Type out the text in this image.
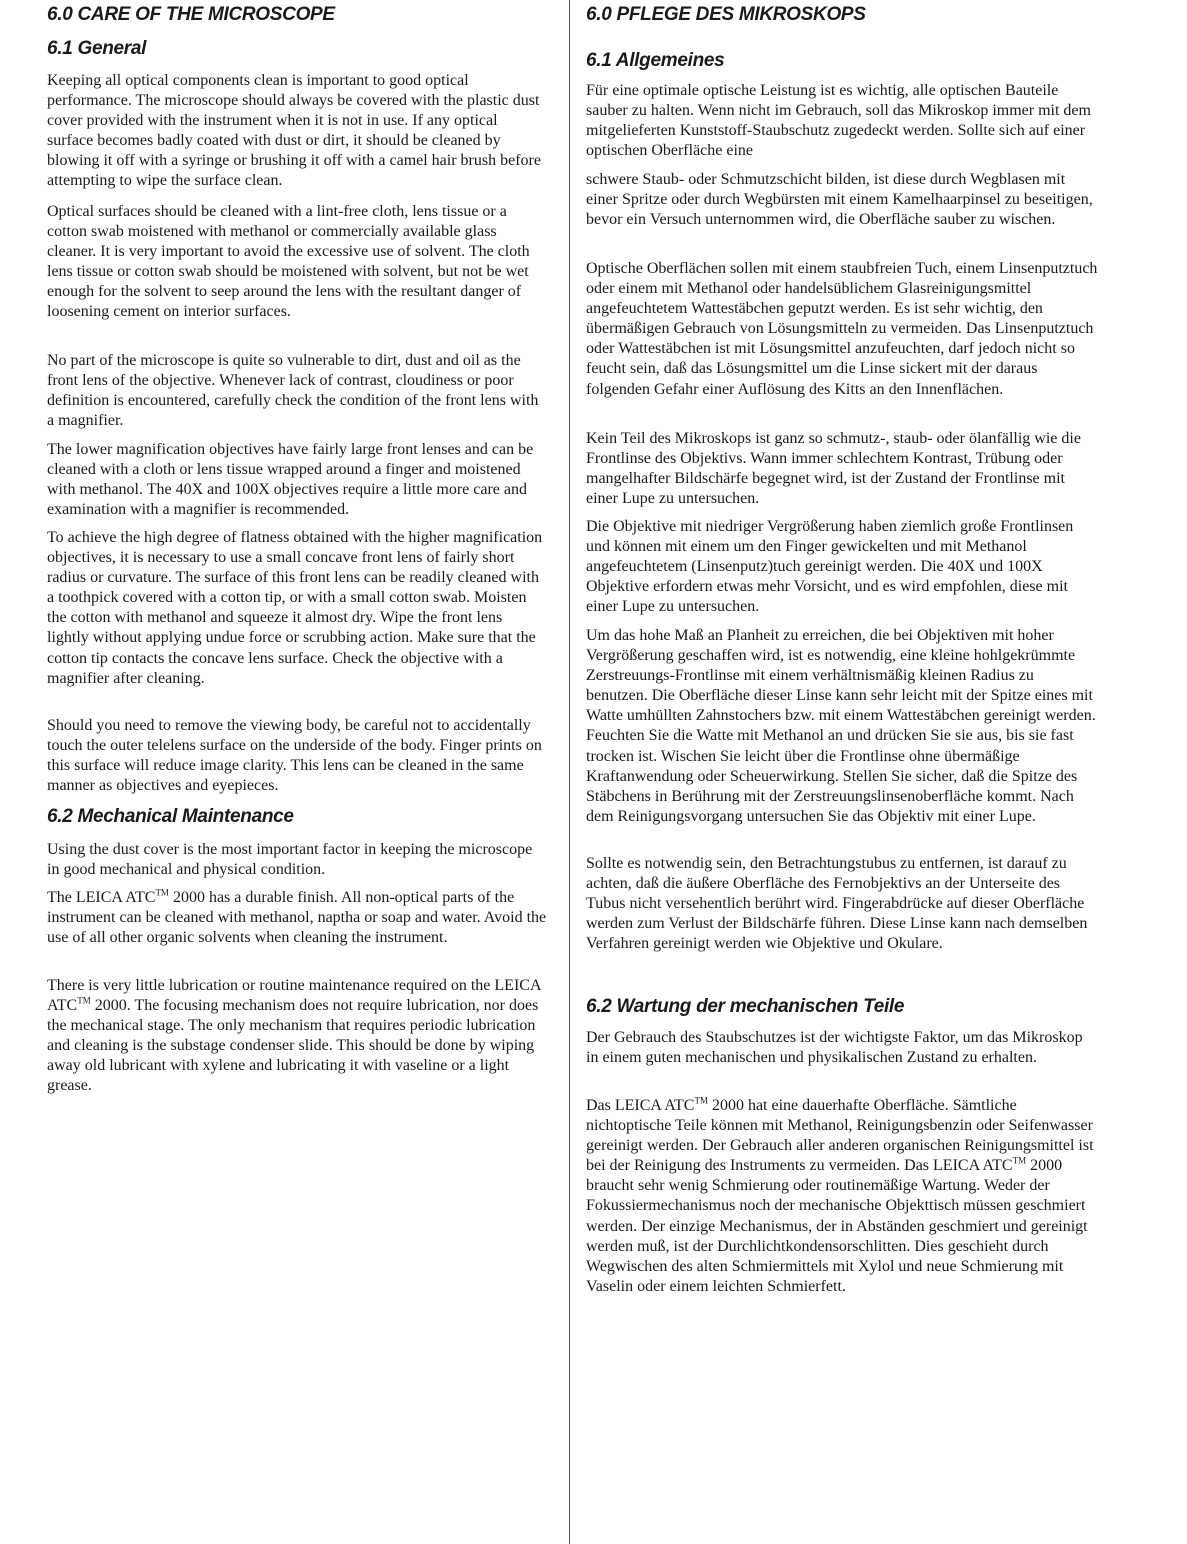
6.0 CARE OF THE MICROSCOPE
6.1 General

Keeping all optical components clean is important to good optical performance. The microscope should always be covered with the plastic dust cover provided with the instrument when it is not in use. If any optical surface becomes badly coated with dust or dirt, it should be cleaned by blowing it off with a syringe or brushing it off with a camel hair brush before attempting to wipe the surface clean.

Optical surfaces should be cleaned with a lint-free cloth, lens tissue or a cotton swab moistened with methanol or commercially available glass cleaner. It is very important to avoid the excessive use of solvent. The cloth lens tissue or cotton swab should be moistened with solvent, but not be wet enough for the solvent to seep around the lens with the resultant danger of loosening cement on interior surfaces.

No part of the microscope is quite so vulnerable to dirt, dust and oil as the front lens of the objective. Whenever lack of contrast, cloudiness or poor definition is encountered, carefully check the condition of the front lens with a magnifier.

The lower magnification objectives have fairly large front lenses and can be cleaned with a cloth or lens tissue wrapped around a finger and moistened with methanol. The 40X and 100X objectives require a little more care and examination with a magnifier is recommended.

To achieve the high degree of flatness obtained with the higher magnification objectives, it is necessary to use a small concave front lens of fairly short radius or curvature. The surface of this front lens can be readily cleaned with a toothpick covered with a cotton tip, or with a small cotton swab. Moisten the cotton with methanol and squeeze it almost dry. Wipe the front lens lightly without applying undue force or scrubbing action. Make sure that the cotton tip contacts the concave lens surface. Check the objective with a magnifier after cleaning.

Should you need to remove the viewing body, be careful not to accidentally touch the outer telelens surface on the underside of the body. Finger prints on this surface will reduce image clarity. This lens can be cleaned in the same manner as objectives and eyepieces.

6.2 Mechanical Maintenance

Using the dust cover is the most important factor in keeping the microscope in good mechanical and physical condition.

The LEICA ATC™ 2000 has a durable finish. All non-optical parts of the instrument can be cleaned with methanol, naptha or soap and water. Avoid the use of all other organic solvents when cleaning the instrument.

There is very little lubrication or routine maintenance required on the LEICA ATC™ 2000. The focusing mechanism does not require lubrication, nor does the mechanical stage. The only mechanism that requires periodic lubrication and cleaning is the substage condenser slide. This should be done by wiping away old lubricant with xylene and lubricating it with vaseline or a light grease.

6.0 PFLEGE DES MIKROSKOPS
6.1 Allgemeines

Für eine optimale optische Leistung ist es wichtig, alle optischen Bauteile sauber zu halten. Wenn nicht im Gebrauch, soll das Mikroskop immer mit dem mitgelieferten Kunststoff-Staubschutz zugedeckt werden. Sollte sich auf einer optischen Oberfläche eine

schwere Staub- oder Schmutzschicht bilden, ist diese durch Wegblasen mit einer Spritze oder durch Wegbürsten mit einem Kamelhaarpinsel zu beseitigen, bevor ein Versuch unternommen wird, die Oberfläche sauber zu wischen.

Optische Oberflächen sollen mit einem staubfreien Tuch, einem Linsenputztuch oder einem mit Methanol oder handelsüblichem Glasreinigungsmittel angefeuchtetem Wattestäbchen geputzt werden. Es ist sehr wichtig, den übermäßigen Gebrauch von Lösungsmitteln zu vermeiden. Das Linsenputztuch oder Wattestäbchen ist mit Lösungsmittel anzufeuchten, darf jedoch nicht so feucht sein, daß das Lösungsmittel um die Linse sickert mit der daraus folgenden Gefahr einer Auflösung des Kitts an den Innenflächen.

Kein Teil des Mikroskops ist ganz so schmutz-, staub- oder ölanfällig wie die Frontlinse des Objektivs. Wann immer schlechtem Kontrast, Trübung oder mangelhafter Bildschärfe begegnet wird, ist der Zustand der Frontlinse mit einer Lupe zu untersuchen.

Die Objektive mit niedriger Vergrößerung haben ziemlich große Frontlinsen und können mit einem um den Finger gewickelten und mit Methanol angefeuchtetem (Linsenputz)tuch gereinigt werden. Die 40X und 100X Objektive erfordern etwas mehr Vorsicht, und es wird empfohlen, diese mit einer Lupe zu untersuchen.

Um das hohe Maß an Planheit zu erreichen, die bei Objektiven mit hoher Vergrößerung geschaffen wird, ist es notwendig, eine kleine hohlgekrümmte Zerstreuungs-Frontlinse mit einem verhältnismäßig kleinen Radius zu benutzen. Die Oberfläche dieser Linse kann sehr leicht mit der Spitze eines mit Watte umhüllten Zahnstochers bzw. mit einem Wattestäbchen gereinigt werden. Feuchten Sie die Watte mit Methanol an und drücken Sie sie aus, bis sie fast trocken ist. Wischen Sie leicht über die Frontlinse ohne übermäßige Kraftanwendung oder Scheuerwirkung. Stellen Sie sicher, daß die Spitze des Stäbchens in Berührung mit der Zerstreuungslinsenoberfläche kommt. Nach dem Reinigungsvorgang untersuchen Sie das Objektiv mit einer Lupe.

Sollte es notwendig sein, den Betrachtungstubus zu entfernen, ist darauf zu achten, daß die äußere Oberfläche des Fernobjektivs an der Unterseite des Tubus nicht versehentlich berührt wird. Fingerabdrücke auf dieser Oberfläche werden zum Verlust der Bildschärfe führen. Diese Linse kann nach demselben Verfahren gereinigt werden wie Objektive und Okulare.

6.2 Wartung der mechanischen Teile

Der Gebrauch des Staubschutzes ist der wichtigste Faktor, um das Mikroskop in einem guten mechanischen und physikalischen Zustand zu erhalten.

Das LEICA ATC™ 2000 hat eine dauerhafte Oberfläche. Sämtliche nichtoptische Teile können mit Methanol, Reinigungsbenzin oder Seifenwasser gereinigt werden. Der Gebrauch aller anderen organischen Reinigungsmittel ist bei der Reinigung des Instruments zu vermeiden. Das LEICA ATC™ 2000 braucht sehr wenig Schmierung oder routinemäßige Wartung. Weder der Fokussiermechanismus noch der mechanische Objekttisch müssen geschmiert werden. Der einzige Mechanismus, der in Abständen geschmiert und gereinigt werden muß, ist der Durchlichtkondensorschlitten. Dies geschieht durch Wegwischen des alten Schmiermittels mit Xylol und neue Schmierung mit Vaselin oder einem leichten Schmierfett.
